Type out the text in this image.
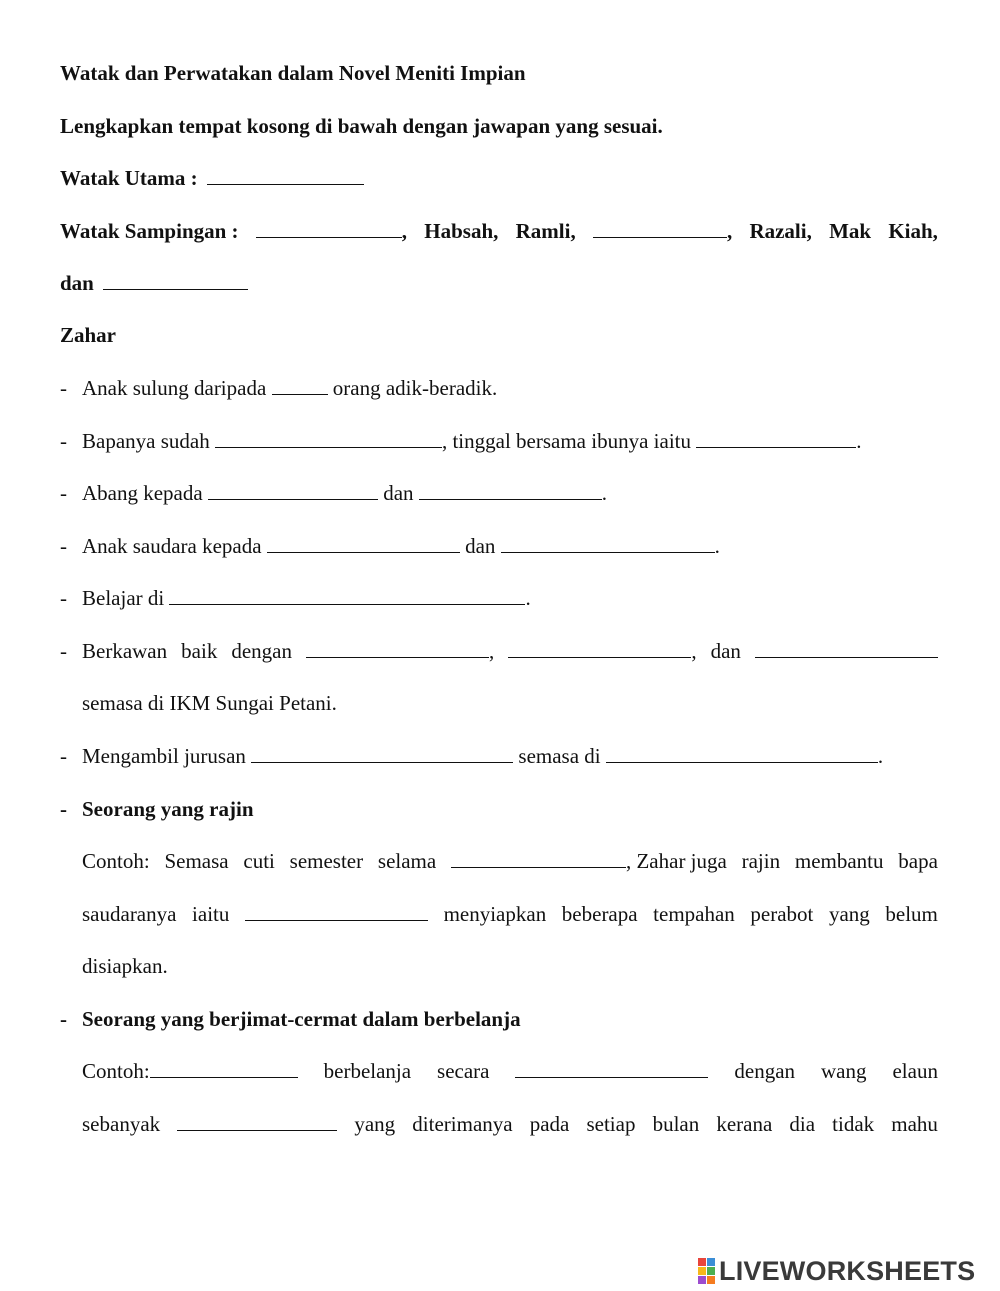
Watak dan Perwatakan dalam Novel Meniti Impian
Lengkapkan tempat kosong di bawah dengan jawapan yang sesuai.
Watak Utama :
Watak Sampingan :	, Habsah, Ramli,	, Razali, Mak Kiah,
dan
Zahar
- Anak sulung daripada	orang adik-beradik.
- Bapanya sudah	, tinggal bersama ibunya iaitu	.
- Abang kepada	dan	.
- Anak saudara kepada	dan	.
- Belajar di	.
- Berkawan baik dengan	,	, dan
semasa di IKM Sungai Petani.
- Mengambil jurusan	semasa di	.
- Seorang yang rajin
Contoh: Semasa cuti semester selama	, Zahar juga rajin membantu bapa
saudaranya iaitu	menyiapkan beberapa tempahan perabot yang belum
disiapkan.
- Seorang yang berjimat-cermat dalam berbelanja
Contoh:	berbelanja secara	dengan wang elaun
sebanyak	yang diterimanya pada setiap bulan kerana dia tidak mahu
LIVEWORKSHEETS
